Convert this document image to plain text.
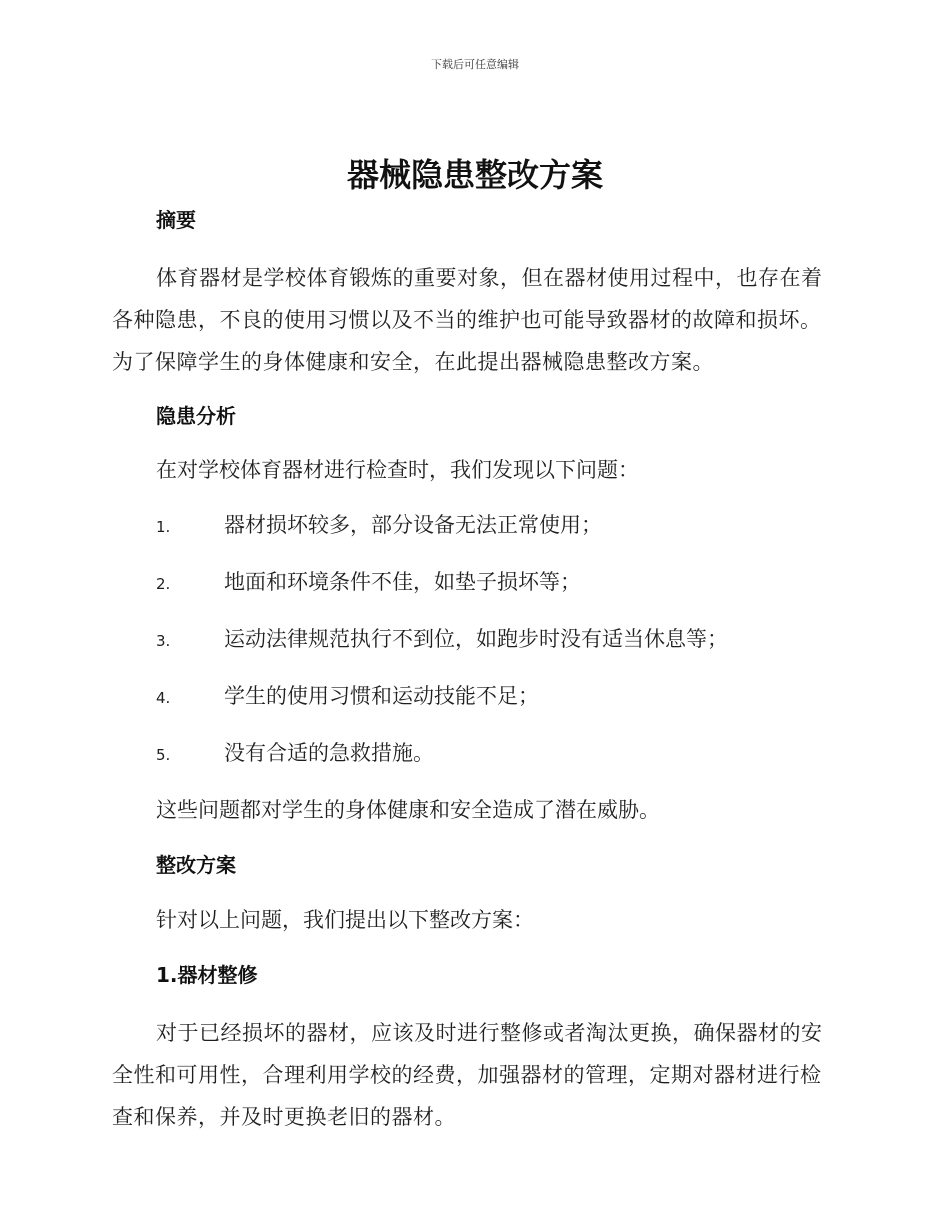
下载后可任意编辑
器械隐患整改方案

摘要

体育器材是学校体育锻炼的重要对象，但在器材使用过程中，也存在着各种隐患，不良的使用习惯以及不当的维护也可能导致器材的故障和损坏。为了保障学生的身体健康和安全，在此提出器械隐患整改方案。

隐患分析

在对学校体育器材进行检查时，我们发现以下问题：

1.	器材损坏较多，部分设备无法正常使用；
2.	地面和环境条件不佳，如垫子损坏等；
3.	运动法律规范执行不到位，如跑步时没有适当休息等；
4.	学生的使用习惯和运动技能不足；
5.	没有合适的急救措施。

这些问题都对学生的身体健康和安全造成了潜在威胁。

整改方案

针对以上问题，我们提出以下整改方案：

1.器材整修

对于已经损坏的器材，应该及时进行整修或者淘汰更换，确保器材的安全性和可用性，合理利用学校的经费，加强器材的管理，定期对器材进行检查和保养，并及时更换老旧的器材。
